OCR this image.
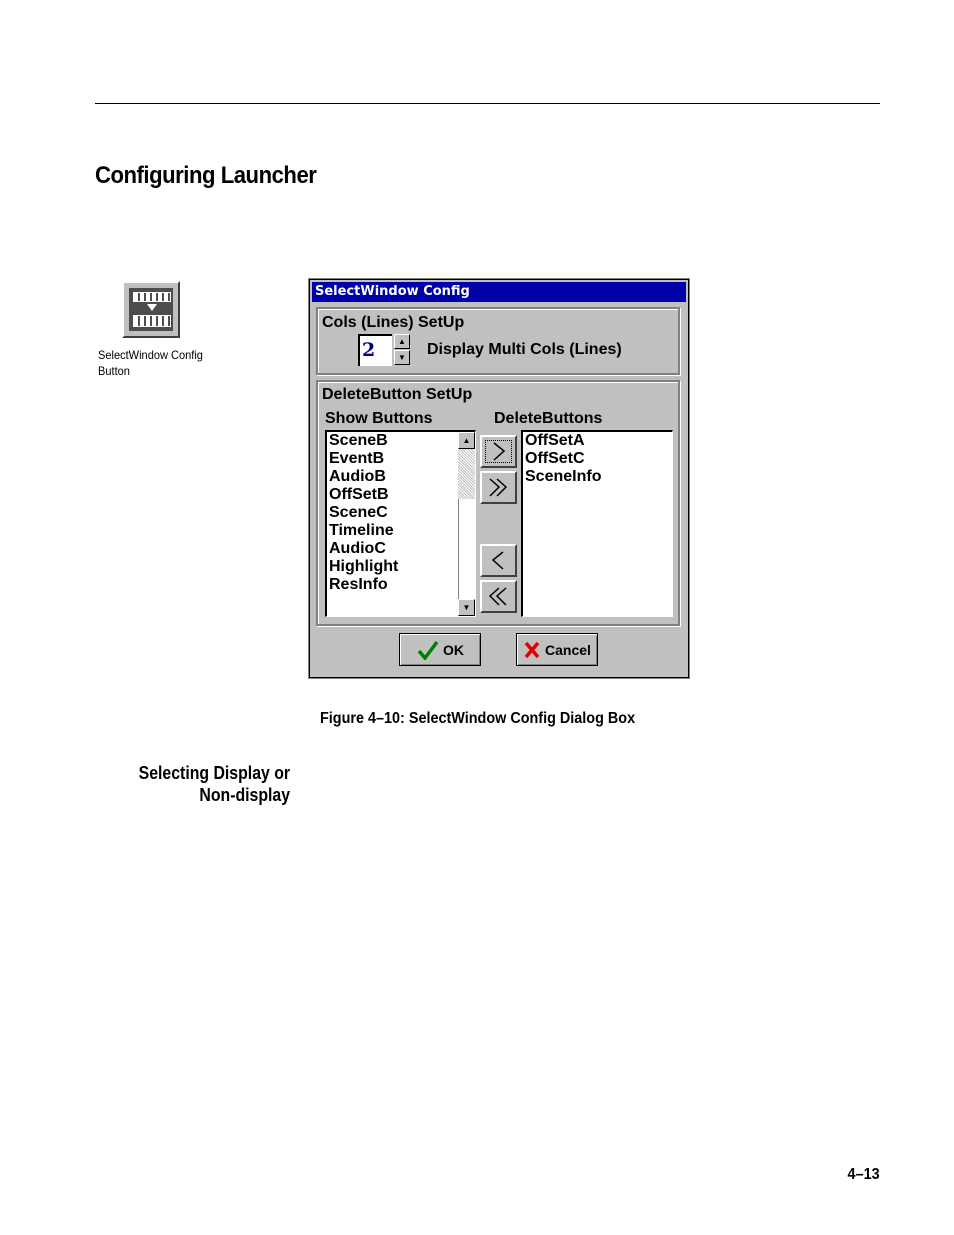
Configuring Launcher
SelectWindow Config
Button
SelectWindow Config
Cols (Lines) SetUp
2	▲
▼ Display Multi Cols (Lines)
DeleteButton SetUp
Show Buttons	DeleteButtons
SceneB
EventB
AudioB
OffSetB
SceneC
Timeline
AudioC
Highlight
ResInfo
▲
▼
OffSetA
OffSetC
SceneInfo
OK	Cancel
Figure 4–10: SelectWindow Config Dialog Box
Selecting Display or
Non-display
4–13
